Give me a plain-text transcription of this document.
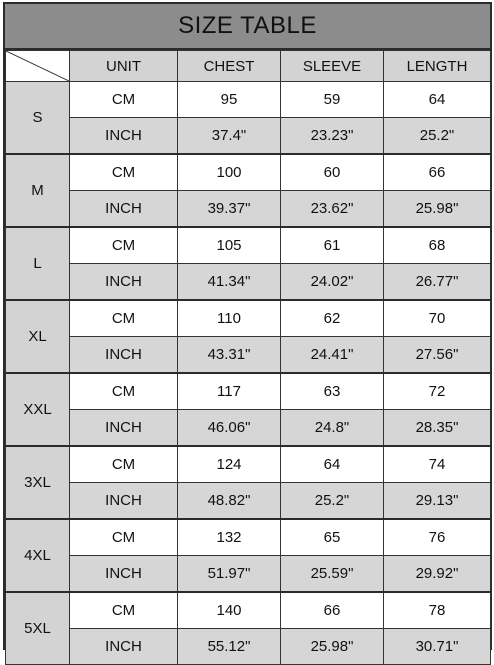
SIZE TABLE
	UNIT	CHEST	SLEEVE	LENGTH
S	CM	95	59	64
	INCH	37.4"	23.23"	25.2"
M	CM	100	60	66
	INCH	39.37"	23.62"	25.98"
L	CM	105	61	68
	INCH	41.34"	24.02"	26.77"
XL	CM	110	62	70
	INCH	43.31"	24.41"	27.56"
XXL	CM	117	63	72
	INCH	46.06"	24.8"	28.35"
3XL	CM	124	64	74
	INCH	48.82"	25.2"	29.13"
4XL	CM	132	65	76
	INCH	51.97"	25.59"	29.92"
5XL	CM	140	66	78
	INCH	55.12"	25.98"	30.71"
